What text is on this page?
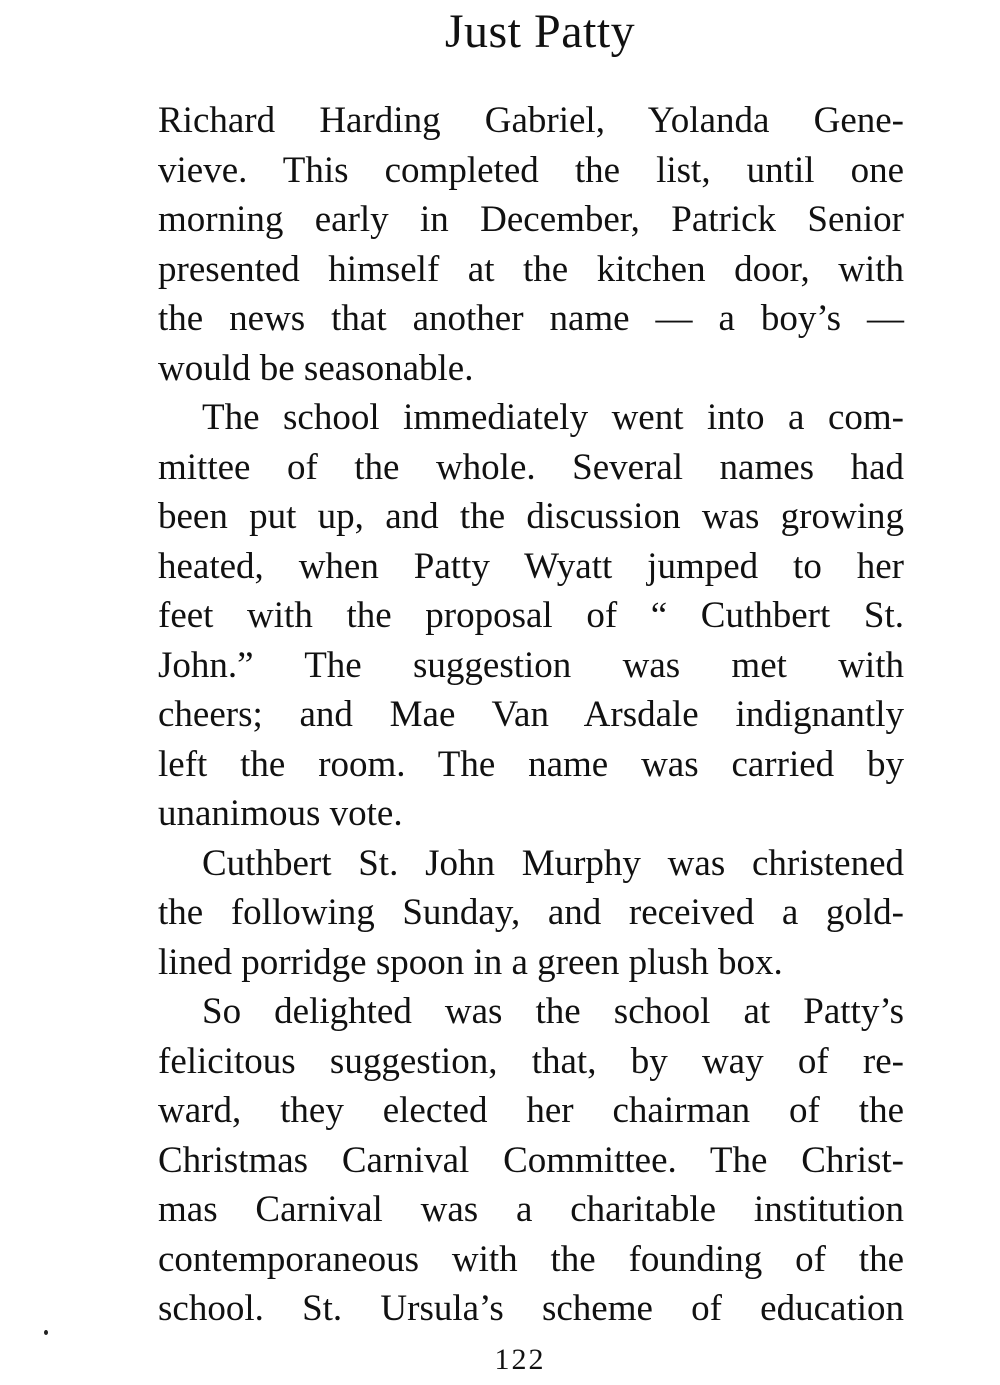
Just Patty
Richard Harding Gabriel, Yolanda Gene-
vieve. This completed the list, until one
morning early in December, Patrick Senior
presented himself at the kitchen door, with
the news that another name — a boy’s —
would be seasonable.
The school immediately went into a com-
mittee of the whole. Several names had
been put up, and the discussion was growing
heated, when Patty Wyatt jumped to her
feet with the proposal of “ Cuthbert St.
John.” The suggestion was met with
cheers; and Mae Van Arsdale indignantly
left the room. The name was carried by
unanimous vote.
Cuthbert St. John Murphy was christened
the following Sunday, and received a gold-
lined porridge spoon in a green plush box.
So delighted was the school at Patty’s
felicitous suggestion, that, by way of re-
ward, they elected her chairman of the
Christmas Carnival Committee. The Christ-
mas Carnival was a charitable institution
contemporaneous with the founding of the
school. St. Ursula’s scheme of education
122
